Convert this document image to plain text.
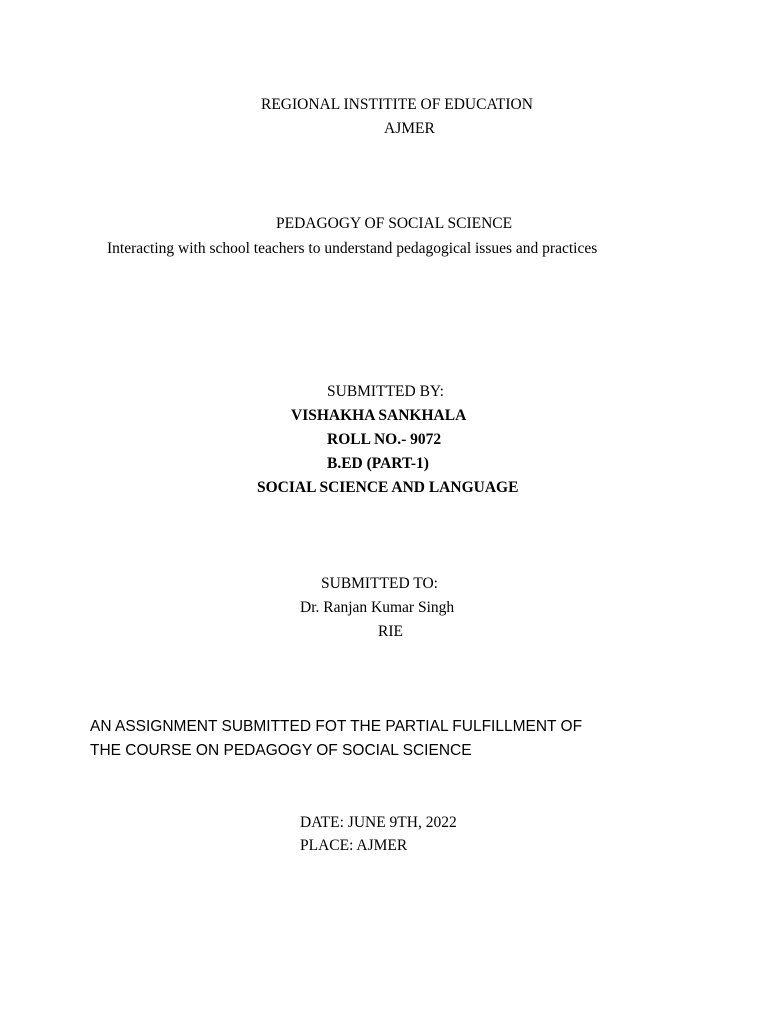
REGIONAL INSTITITE OF EDUCATION

AJMER

PEDAGOGY OF SOCIAL SCIENCE

Interacting with school teachers to understand pedagogical issues and practices

SUBMITTED BY:

VISHAKHA SANKHALA

ROLL NO.- 9072

B.ED (PART-1)

SOCIAL SCIENCE AND LANGUAGE

SUBMITTED TO:

Dr. Ranjan Kumar Singh

RIE

AN ASSIGNMENT SUBMITTED FOT THE PARTIAL FULFILLMENT OF

THE COURSE ON PEDAGOGY OF SOCIAL SCIENCE

DATE: JUNE 9TH, 2022

PLACE: AJMER
